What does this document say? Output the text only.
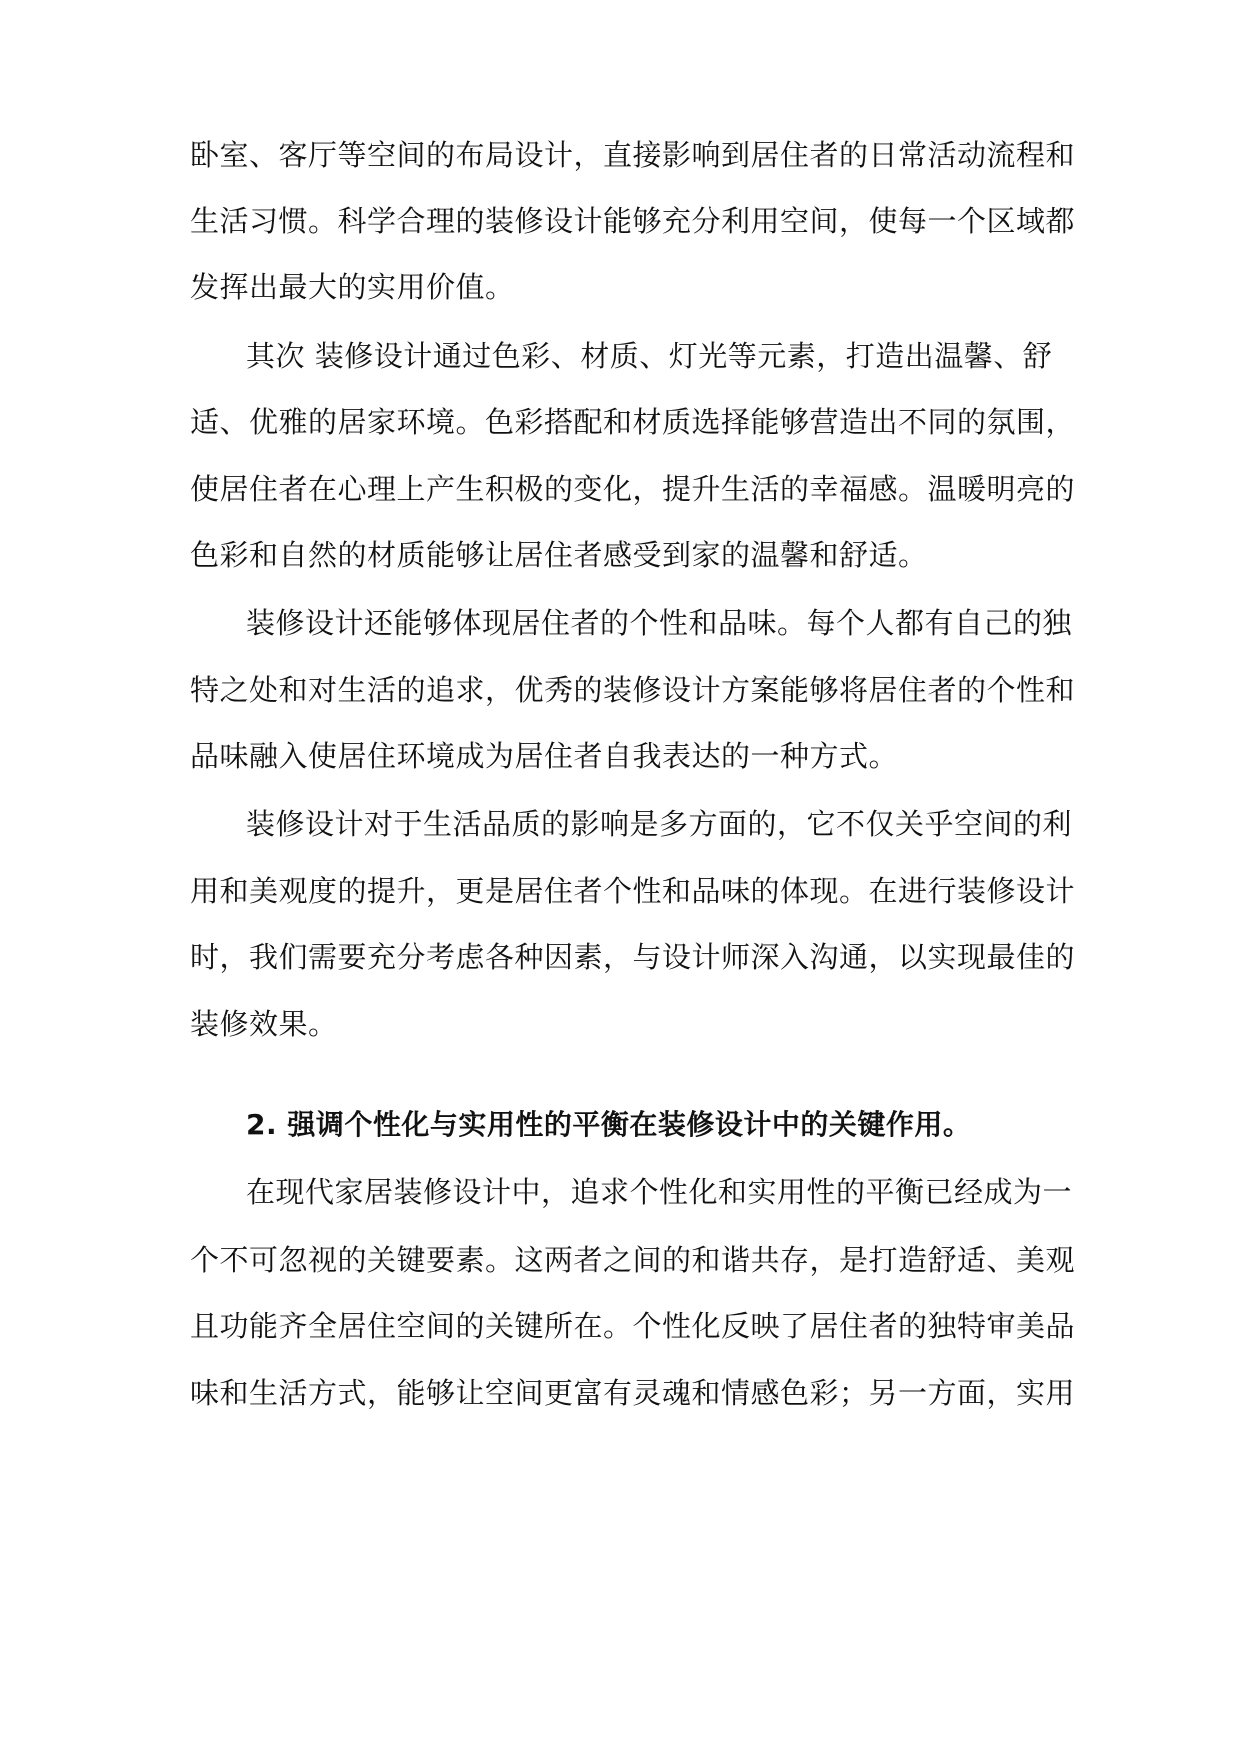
卧室、客厅等空间的布局设计，直接影响到居住者的日常活动流程和
生活习惯。科学合理的装修设计能够充分利用空间，使每一个区域都
发挥出最大的实用价值。
其次 装修设计通过色彩、材质、灯光等元素，打造出温馨、舒
适、优雅的居家环境。色彩搭配和材质选择能够营造出不同的氛围，
使居住者在心理上产生积极的变化，提升生活的幸福感。温暖明亮的
色彩和自然的材质能够让居住者感受到家的温馨和舒适。
装修设计还能够体现居住者的个性和品味。每个人都有自己的独
特之处和对生活的追求，优秀的装修设计方案能够将居住者的个性和
品味融入使居住环境成为居住者自我表达的一种方式。
装修设计对于生活品质的影响是多方面的，它不仅关乎空间的利
用和美观度的提升，更是居住者个性和品味的体现。在进行装修设计
时，我们需要充分考虑各种因素，与设计师深入沟通，以实现最佳的
装修效果。
2. 强调个性化与实用性的平衡在装修设计中的关键作用。
在现代家居装修设计中，追求个性化和实用性的平衡已经成为一
个不可忽视的关键要素。这两者之间的和谐共存，是打造舒适、美观
且功能齐全居住空间的关键所在。个性化反映了居住者的独特审美品
味和生活方式，能够让空间更富有灵魂和情感色彩；另一方面，实用
